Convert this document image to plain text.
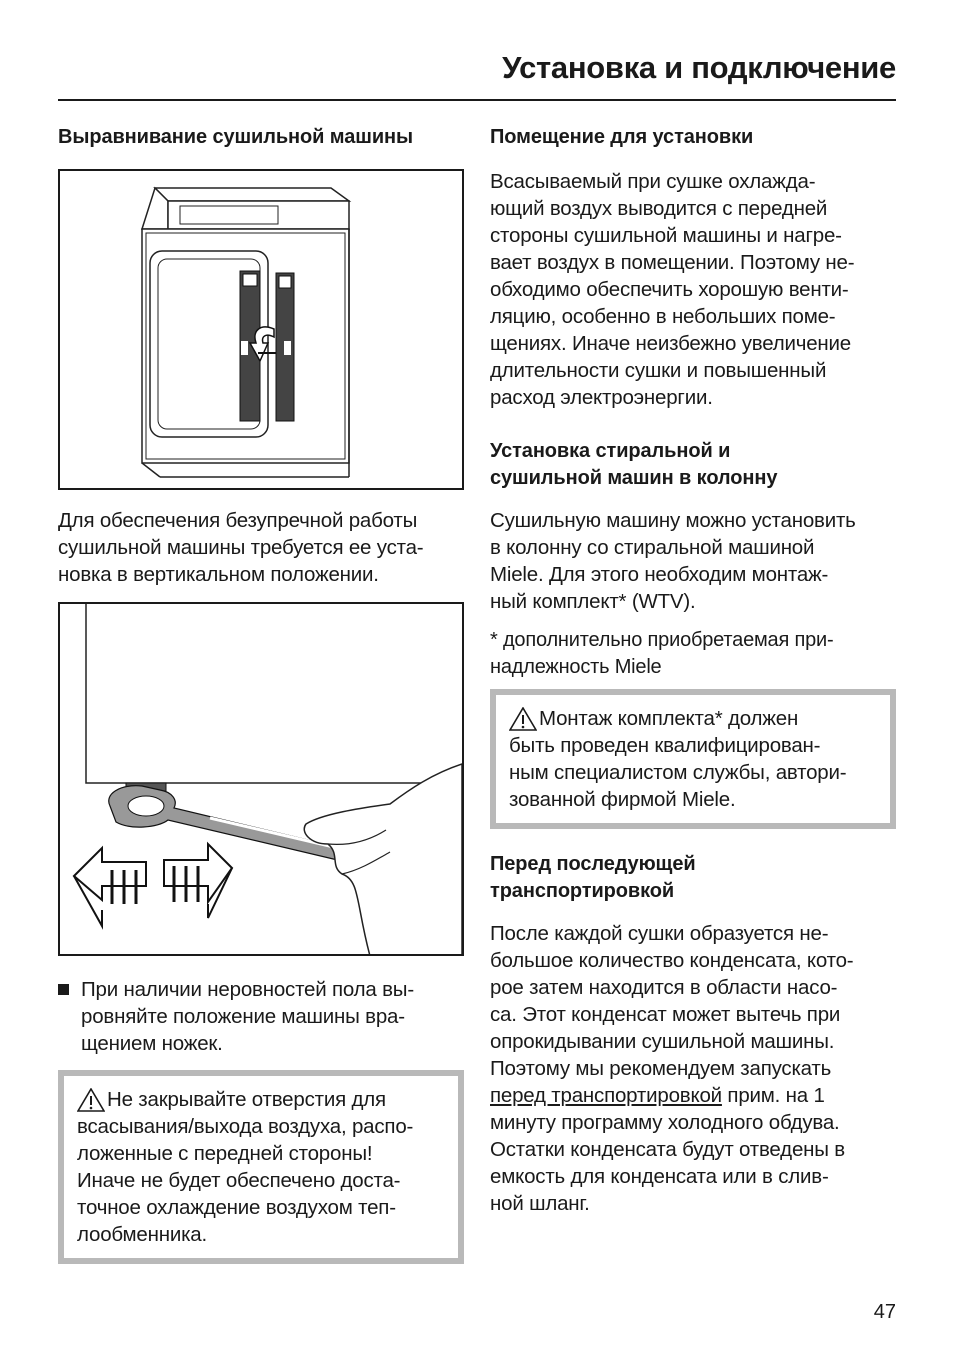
Установка и подключение
Выравнивание сушильной машины

Для обеспечения безупречной работы

сушильной машины требуется ее уста-

новка в вертикальном положении.

При наличии неровностей пола вы-

ровняйте положение машины вра-

щением ножек.

Не закрывайте отверстия для

всасывания/выхода воздуха, распо-

ложенные с передней стороны!

Иначе не будет обеспечено доста-

точное охлаждение воздухом теп-

лообменника.

Помещение для установки

Всасываемый при сушке охлажда-

ющий воздух выводится с передней

стороны сушильной машины и нагре-

вает воздух в помещении. Поэтому не-

обходимо обеспечить хорошую венти-

ляцию, особенно в небольших поме-

щениях. Иначе неизбежно увеличение

длительности сушки и повышенный

расход электроэнергии.

Установка стиральной и
сушильной машин в колонну

Сушильную машину можно установить

в колонну со стиральной машиной

Miele. Для этого необходим монтаж-

ный комплект* (WTV).

* дополнительно приобретаемая при-

надлежность Miele

Монтаж комплекта* должен

быть проведен квалифицирован-

ным специалистом службы, автори-

зованной фирмой Miele.

Перед последующей
транспортировкой

После каждой сушки образуется не-

большое количество конденсата, кото-

рое затем находится в области насо-

са. Этот конденсат может вытечь при

опрокидывании сушильной машины.

Поэтому мы рекомендуем запускать

перед транспортировкой прим. на 1

минуту программу холодного обдува.

Остатки конденсата будут отведены в

емкость для конденсата или в слив-

ной шланг.

47
